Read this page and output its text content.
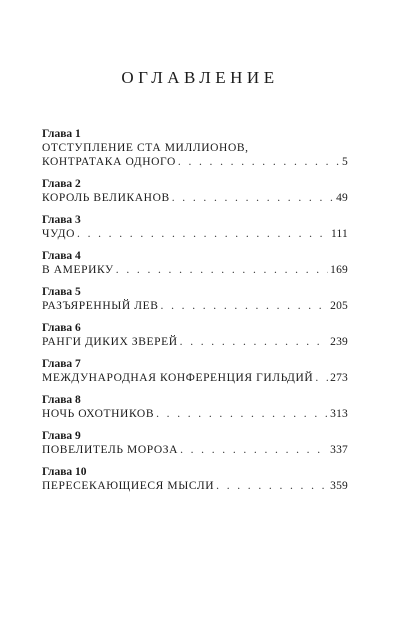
ОГЛАВЛЕНИЕ
Глава 1
ОТСТУПЛЕНИЕ СТА МИЛЛИОНОВ,
КОНТРАТАКА ОДНОГО . . .	5
Глава 2
КОРОЛЬ ВЕЛИКАНОВ . . .	49
Глава 3
ЧУДО . . .	111
Глава 4
В АМЕРИКУ . . .	169
Глава 5
РАЗЪЯРЕННЫЙ ЛЕВ . . .	205
Глава 6
РАНГИ ДИКИХ ЗВЕРЕЙ . . .	239
Глава 7
МЕЖДУНАРОДНАЯ КОНФЕРЕНЦИЯ ГИЛЬДИЙ . . . 273
Глава 8
НОЧЬ ОХОТНИКОВ . . .	313
Глава 9
ПОВЕЛИТЕЛЬ МОРОЗА . . .	337
Глава 10
ПЕРЕСЕКАЮЩИЕСЯ МЫСЛИ . . .	359
